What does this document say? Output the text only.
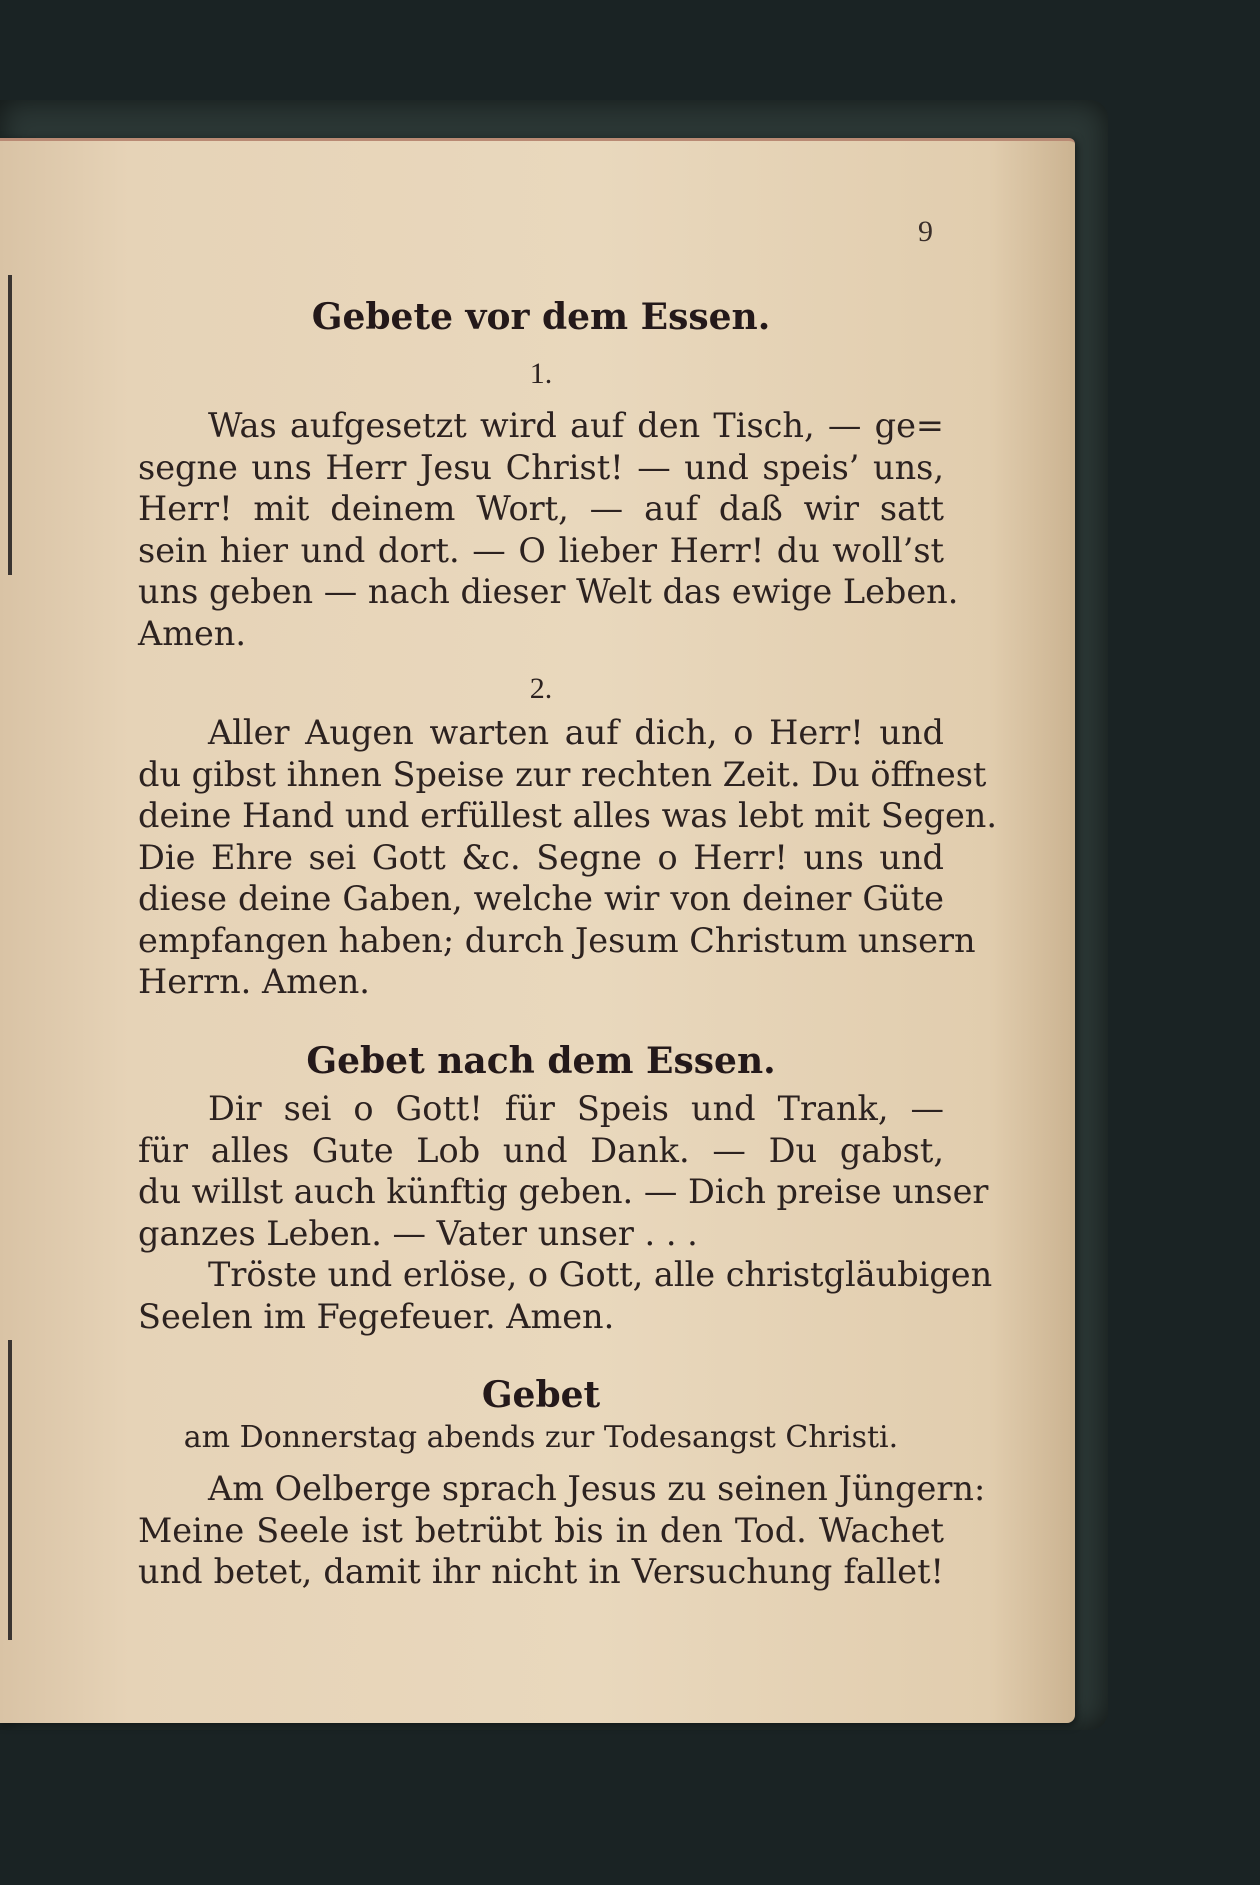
9
Gebete vor dem Essen.
1.
Was aufgesetzt wird auf den Tisch, — ge=
segne uns Herr Jesu Christ! — und speis’ uns,
Herr! mit deinem Wort, — auf daß wir satt
sein hier und dort. — O lieber Herr! du woll’st
uns geben — nach dieser Welt das ewige Leben.
Amen.
2.
Aller Augen warten auf dich, o Herr! und
du gibst ihnen Speise zur rechten Zeit. Du öffnest
deine Hand und erfüllest alles was lebt mit Segen.
Die Ehre sei Gott &c. Segne o Herr! uns und
diese deine Gaben, welche wir von deiner Güte
empfangen haben; durch Jesum Christum unsern
Herrn. Amen.
Gebet nach dem Essen.
Dir sei o Gott! für Speis und Trank, —
für alles Gute Lob und Dank. — Du gabst,
du willst auch künftig geben. — Dich preise unser
ganzes Leben. — Vater unser . . .
Tröste und erlöse, o Gott, alle christgläubigen
Seelen im Fegefeuer. Amen.
Gebet
am Donnerstag abends zur Todesangst Christi.
Am Oelberge sprach Jesus zu seinen Jüngern:
Meine Seele ist betrübt bis in den Tod. Wachet
und betet, damit ihr nicht in Versuchung fallet!
